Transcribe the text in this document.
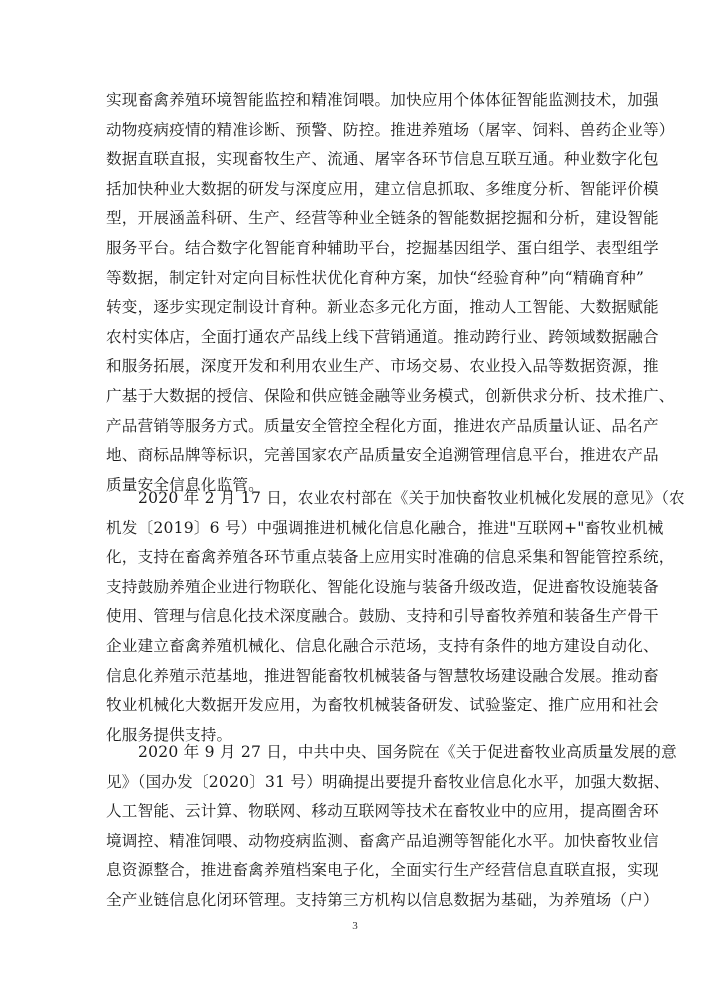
实现畜禽养殖环境智能监控和精准饲喂。加快应用个体体征智能监测技术，加强
动物疫病疫情的精准诊断、预警、防控。推进养殖场（屠宰、饲料、兽药企业等）
数据直联直报，实现畜牧生产、流通、屠宰各环节信息互联互通。种业数字化包
括加快种业大数据的研发与深度应用，建立信息抓取、多维度分析、智能评价模
型，开展涵盖科研、生产、经营等种业全链条的智能数据挖掘和分析，建设智能
服务平台。结合数字化智能育种辅助平台，挖掘基因组学、蛋白组学、表型组学
等数据，制定针对定向目标性状优化育种方案，加快“经验育种”向“精确育种”
转变，逐步实现定制设计育种。新业态多元化方面，推动人工智能、大数据赋能
农村实体店，全面打通农产品线上线下营销通道。推动跨行业、跨领域数据融合
和服务拓展，深度开发和利用农业生产、市场交易、农业投入品等数据资源，推
广基于大数据的授信、保险和供应链金融等业务模式，创新供求分析、技术推广、
产品营销等服务方式。质量安全管控全程化方面，推进农产品质量认证、品名产
地、商标品牌等标识，完善国家农产品质量安全追溯管理信息平台，推进农产品
质量安全信息化监管。
2020 年 2 月 17 日，农业农村部在《关于加快畜牧业机械化发展的意见》（农
机发〔2019〕6 号）中强调推进机械化信息化融合，推进"互联网+"畜牧业机械
化，支持在畜禽养殖各环节重点装备上应用实时准确的信息采集和智能管控系统，
支持鼓励养殖企业进行物联化、智能化设施与装备升级改造，促进畜牧设施装备
使用、管理与信息化技术深度融合。鼓励、支持和引导畜牧养殖和装备生产骨干
企业建立畜禽养殖机械化、信息化融合示范场，支持有条件的地方建设自动化、
信息化养殖示范基地，推进智能畜牧机械装备与智慧牧场建设融合发展。推动畜
牧业机械化大数据开发应用，为畜牧机械装备研发、试验鉴定、推广应用和社会
化服务提供支持。
2020 年 9 月 27 日，中共中央、国务院在《关于促进畜牧业高质量发展的意
见》（国办发〔2020〕31 号）明确提出要提升畜牧业信息化水平，加强大数据、
人工智能、云计算、物联网、移动互联网等技术在畜牧业中的应用，提高圈舍环
境调控、精准饲喂、动物疫病监测、畜禽产品追溯等智能化水平。加快畜牧业信
息资源整合，推进畜禽养殖档案电子化，全面实行生产经营信息直联直报，实现
全产业链信息化闭环管理。支持第三方机构以信息数据为基础，为养殖场（户）
3
